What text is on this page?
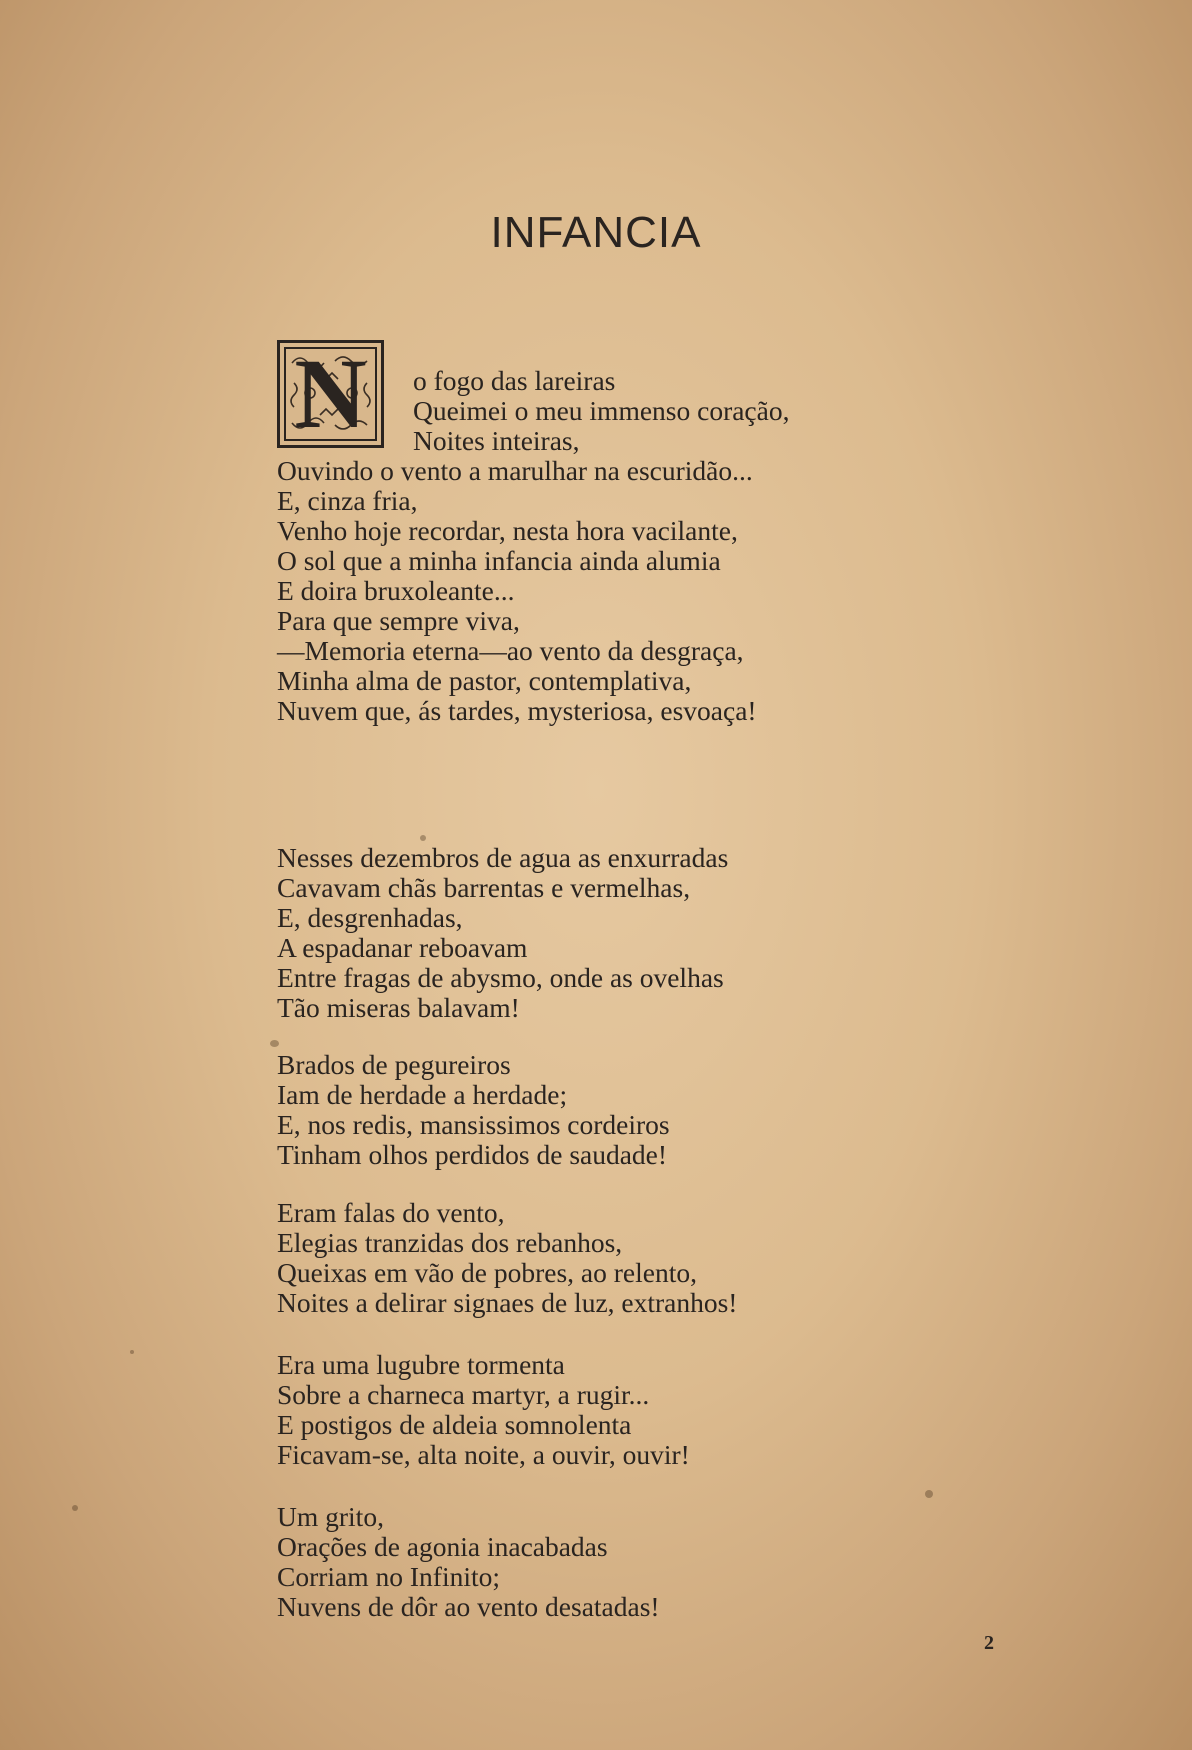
INFANCIA
N	o fogo das lareiras
Queimei o meu immenso coração,
Noites inteiras,
Ouvindo o vento a marulhar na escuridão...
E, cinza fria,
Venho hoje recordar, nesta hora vacilante,
O sol que a minha infancia ainda alumia
E doira bruxoleante...
Para que sempre viva,
—Memoria eterna—ao vento da desgraça,
Minha alma de pastor, contemplativa,
Nuvem que, ás tardes, mysteriosa, esvoaça!
Nesses dezembros de agua as enxurradas
Cavavam chãs barrentas e vermelhas,
E, desgrenhadas,
A espadanar reboavam
Entre fragas de abysmo, onde as ovelhas
Tão miseras balavam!
Brados de pegureiros
Iam de herdade a herdade;
E, nos redis, mansissimos cordeiros
Tinham olhos perdidos de saudade!
Eram falas do vento,
Elegias tranzidas dos rebanhos,
Queixas em vão de pobres, ao relento,
Noites a delirar signaes de luz, extranhos!
Era uma lugubre tormenta
Sobre a charneca martyr, a rugir...
E postigos de aldeia somnolenta
Ficavam-se, alta noite, a ouvir, ouvir!
Um grito,
Orações de agonia inacabadas
Corriam no Infinito;
Nuvens de dôr ao vento desatadas!
2
